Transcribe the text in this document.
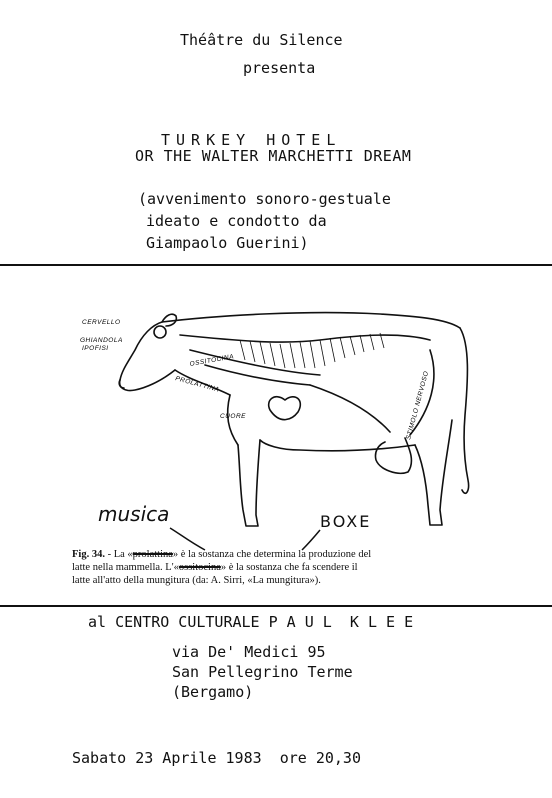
Théâtre du Silence
presenta
TURKEY HOTEL
OR THE WALTER MARCHETTI DREAM
(avvenimento sonoro-gestuale
ideato e condotto da
Giampaolo Guerini)
CERVELLO
GHIANDOLA
IPOFISI
OSSITOCINA
PROLATTINA
CUORE	STIMOLO NERVOSO
musica	BOXE
Fig. 34. - La «prolattina» è la sostanza che determina la produzione del
latte nella mammella. L'«ossitocina» è la sostanza che fa scendere il
latte all'atto della mungitura (da: A. Sirri, «La mungitura»).
al CENTRO CULTURALE P A U L  K L E E
via De' Medici 95
San Pellegrino Terme
(Bergamo)
Sabato 23 Aprile 1983  ore 20,30
